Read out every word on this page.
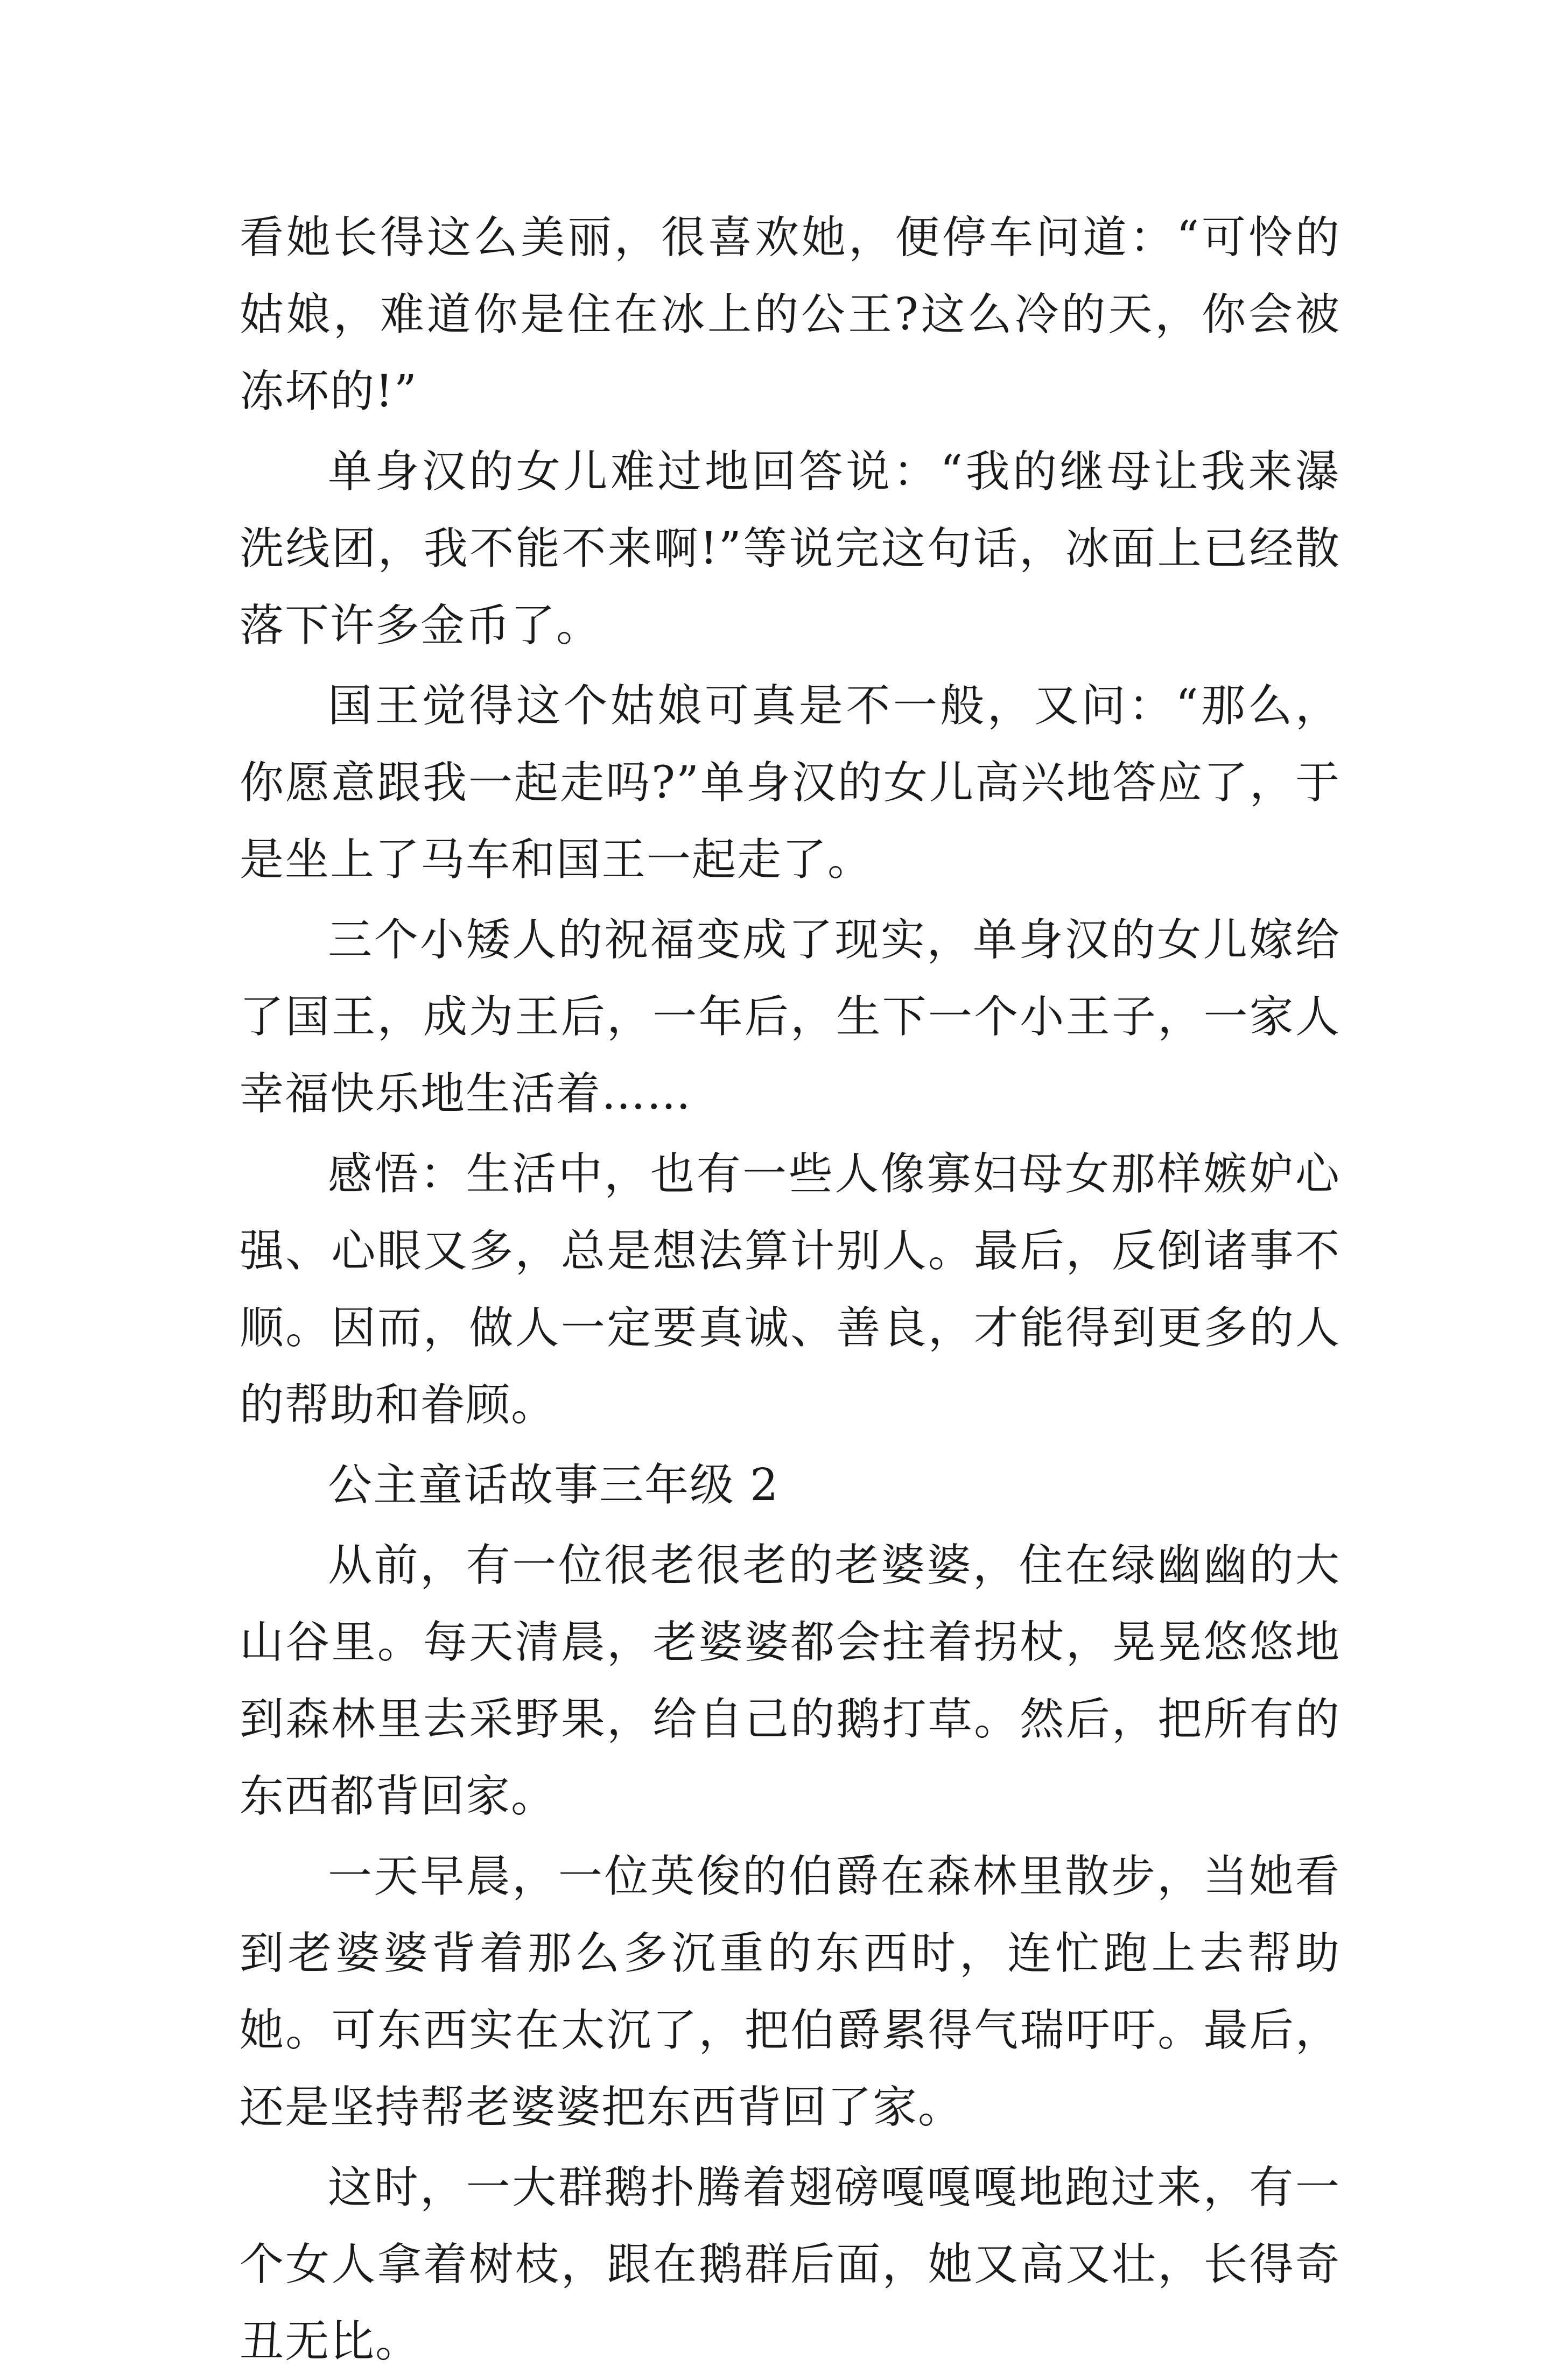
看她长得这么美丽，很喜欢她，便停车问道：“可怜的姑娘，难道你是住在冰上的公王?这么冷的天，你会被冻坏的!”

单身汉的女儿难过地回答说：“我的继母让我来瀑洗线团，我不能不来啊!”等说完这句话，冰面上已经散落下许多金币了。

国王觉得这个姑娘可真是不一般，又问：“那么，你愿意跟我一起走吗?”单身汉的女儿高兴地答应了，于是坐上了马车和国王一起走了。

三个小矮人的祝福变成了现实，单身汉的女儿嫁给了国王，成为王后，一年后，生下一个小王子，一家人幸福快乐地生活着……

感悟：生活中，也有一些人像寡妇母女那样嫉妒心强、心眼又多，总是想法算计别人。最后，反倒诸事不顺。因而，做人一定要真诚、善良，才能得到更多的人的帮助和眷顾。

公主童话故事三年级 2

从前，有一位很老很老的老婆婆，住在绿幽幽的大山谷里。每天清晨，老婆婆都会拄着拐杖，晃晃悠悠地到森林里去采野果，给自己的鹅打草。然后，把所有的东西都背回家。

一天早晨，一位英俊的伯爵在森林里散步，当她看到老婆婆背着那么多沉重的东西时，连忙跑上去帮助她。可东西实在太沉了，把伯爵累得气瑞吁吁。最后，还是坚持帮老婆婆把东西背回了家。

这时，一大群鹅扑腾着翅磅嘎嘎嘎地跑过来，有一个女人拿着树枝，跟在鹅群后面，她又高又壮，长得奇丑无比。
